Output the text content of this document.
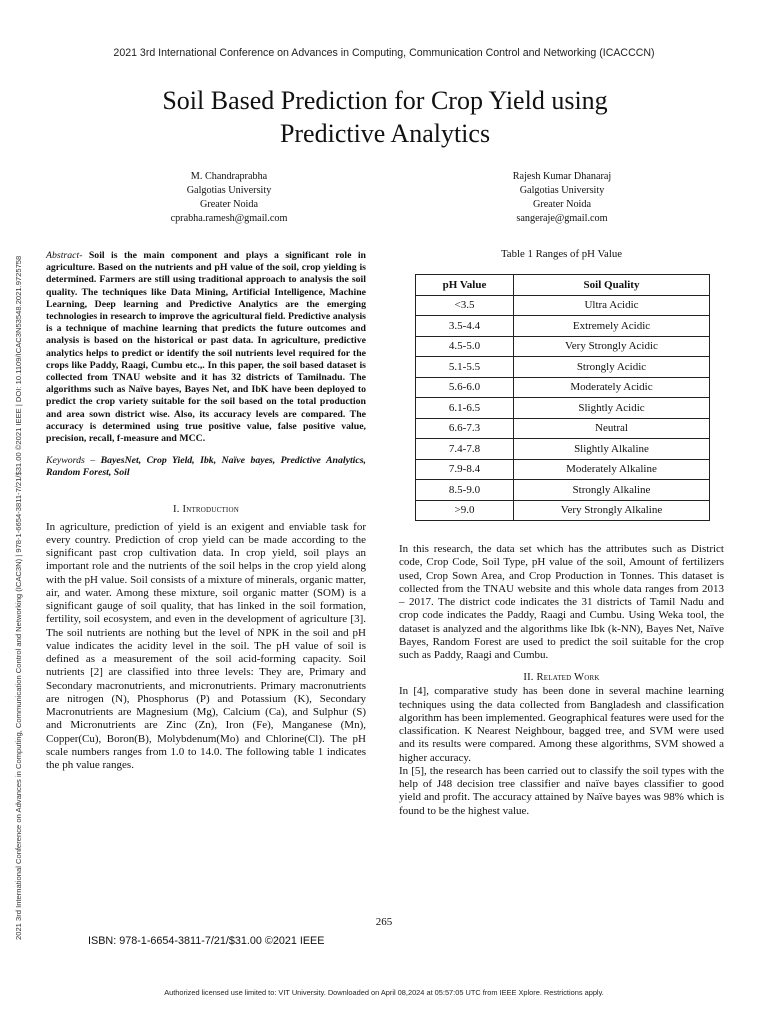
2021 3rd International Conference on Advances in Computing, Communication Control and Networking (ICACCCN)
2021 3rd International Conference on Advances in Computing, Communication Control and Networking (ICAC3N) | 978-1-6654-3811-7/21/$31.00 ©2021 IEEE | DOI: 10.1109/ICAC3N53548.2021.9725758
Soil Based Prediction for Crop Yield using
Predictive Analytics
M. Chandraprabha
Galgotias University
Greater Noida
cprabha.ramesh@gmail.com
Rajesh Kumar Dhanaraj
Galgotias University
Greater Noida
sangeraje@gmail.com

Abstract- Soil is the main component and plays a significant role in agriculture. Based on the nutrients and pH value of the soil, crop yielding is determined. Farmers are still using traditional approach to analysis the soil quality. The techniques like Data Mining, Artificial Intelligence, Machine Learning, Deep learning and Predictive Analytics are the emerging technologies in research to improve the agricultural field. Predictive analysis is a technique of machine learning that predicts the future outcomes and analysis is based on the historical or past data. In agriculture, predictive analytics helps to predict or identify the soil nutrients level required for the crops like Paddy, Raagi, Cumbu etc.,. In this paper, the soil based dataset is collected from TNAU website and it has 32 districts of Tamilnadu. The algorithms such as Naïve bayes, Bayes Net, and IbK have been deployed to predict the crop variety suitable for the soil based on the total production and area sown district wise. Also, its accuracy levels are compared. The accuracy is determined using true positive value, false positive value, precision, recall, f-measure and MCC.

Keywords – BayesNet, Crop Yield, Ibk, Naïve bayes, Predictive Analytics, Random Forest, Soil

I. Introduction

In agriculture, prediction of yield is an exigent and enviable task for every country. Prediction of crop yield can be made according to the significant past crop cultivation data. In crop yield, soil plays an important role and the nutrients of the soil helps in the crop yield along with the pH value. Soil consists of a mixture of minerals, organic matter, air, and water. Among these mixture, soil organic matter (SOM) is a significant gauge of soil quality, that has linked in the soil formation, fertility, soil ecosystem, and even in the development of agriculture [3]. The soil nutrients are nothing but the level of NPK in the soil and pH value indicates the acidity level in the soil. The pH value of soil is defined as a measurement of the soil acid-forming capacity. Soil nutrients [2] are classified into three levels: They are, Primary and Secondary macronutrients, and micronutrients. Primary macronutrients are nitrogen (N), Phosphorus (P) and Potassium (K), Secondary Macronutrients are Magnesium (Mg), Calcium (Ca), and Sulphur (S) and Micronutrients are Zinc (Zn), Iron (Fe), Manganese (Mn), Copper(Cu), Boron(B), Molybdenum(Mo) and Chlorine(Cl). The pH scale numbers ranges from 1.0 to 14.0. The following table 1 indicates the ph value ranges.

Table 1 Ranges of pH Value
pH Value	Soil Quality
<3.5	Ultra Acidic
3.5-4.4	Extremely Acidic
4.5-5.0	Very Strongly Acidic
5.1-5.5	Strongly Acidic
5.6-6.0	Moderately Acidic
6.1-6.5	Slightly Acidic
6.6-7.3	Neutral
7.4-7.8	Slightly Alkaline
7.9-8.4	Moderately Alkaline
8.5-9.0	Strongly Alkaline
>9.0	Very Strongly Alkaline

In this research, the data set which has the attributes such as District code, Crop Code, Soil Type, pH value of the soil, Amount of fertilizers used, Crop Sown Area, and Crop Production in Tonnes. This dataset is collected from the TNAU website and this whole data ranges from 2013 – 2017. The district code indicates the 31 districts of Tamil Nadu and crop code indicates the Paddy, Raagi and Cumbu. Using Weka tool, the dataset is analyzed and the algorithms like Ibk (k-NN), Bayes Net, Naïve Bayes, Random Forest are used to predict the soil suitable for the crop such as Paddy, Raagi and Cumbu.

II. Related Work

In [4], comparative study has been done in several machine learning techniques using the data collected from Bangladesh and classification algorithm has been implemented. Geographical features were used for the classification. K Nearest Neighbour, bagged tree, and SVM were used and its results were compared. Among these algorithms, SVM showed a higher accuracy.

In [5], the research has been carried out to classify the soil types with the help of J48 decision tree classifier and naïve bayes classifier to good yield and profit. The accuracy attained by Naïve bayes was 98% which is found to be the highest value.

265
ISBN: 978-1-6654-3811-7/21/$31.00 ©2021 IEEE
Authorized licensed use limited to: VIT University. Downloaded on April 08,2024 at 05:57:05 UTC from IEEE Xplore. Restrictions apply.
